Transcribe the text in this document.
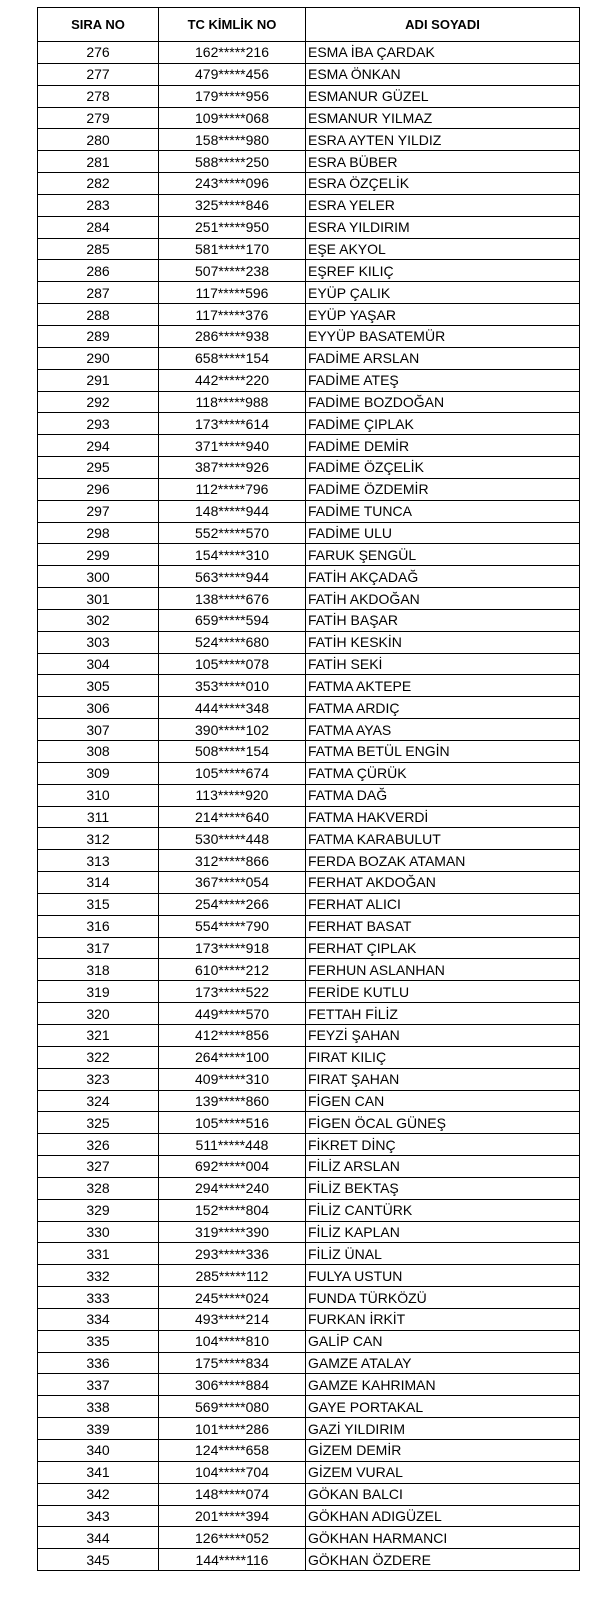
SIRA NO	TC KİMLİK NO	ADI SOYADI
276	162*****216	ESMA İBA ÇARDAK
277	479*****456	ESMA ÖNKAN
278	179*****956	ESMANUR GÜZEL
279	109*****068	ESMANUR YILMAZ
280	158*****980	ESRA AYTEN YILDIZ
281	588*****250	ESRA BÜBER
282	243*****096	ESRA ÖZÇELİK
283	325*****846	ESRA YELER
284	251*****950	ESRA YILDIRIM
285	581*****170	EŞE AKYOL
286	507*****238	EŞREF KILIÇ
287	117*****596	EYÜP ÇALIK
288	117*****376	EYÜP YAŞAR
289	286*****938	EYYÜP BASATEMÜR
290	658*****154	FADİME ARSLAN
291	442*****220	FADİME ATEŞ
292	118*****988	FADİME BOZDOĞAN
293	173*****614	FADİME ÇIPLAK
294	371*****940	FADİME DEMİR
295	387*****926	FADİME ÖZÇELİK
296	112*****796	FADİME ÖZDEMİR
297	148*****944	FADİME TUNCA
298	552*****570	FADİME ULU
299	154*****310	FARUK ŞENGÜL
300	563*****944	FATİH AKÇADAĞ
301	138*****676	FATİH AKDOĞAN
302	659*****594	FATİH BAŞAR
303	524*****680	FATİH KESKİN
304	105*****078	FATİH SEKİ
305	353*****010	FATMA AKTEPE
306	444*****348	FATMA ARDIÇ
307	390*****102	FATMA AYAS
308	508*****154	FATMA BETÜL ENGİN
309	105*****674	FATMA ÇÜRÜK
310	113*****920	FATMA DAĞ
311	214*****640	FATMA HAKVERDİ
312	530*****448	FATMA KARABULUT
313	312*****866	FERDA BOZAK ATAMAN
314	367*****054	FERHAT AKDOĞAN
315	254*****266	FERHAT ALICI
316	554*****790	FERHAT BASAT
317	173*****918	FERHAT ÇIPLAK
318	610*****212	FERHUN ASLANHAN
319	173*****522	FERİDE KUTLU
320	449*****570	FETTAH FİLİZ
321	412*****856	FEYZİ ŞAHAN
322	264*****100	FIRAT KILIÇ
323	409*****310	FIRAT ŞAHAN
324	139*****860	FİGEN CAN
325	105*****516	FİGEN ÖCAL GÜNEŞ
326	511*****448	FİKRET DİNÇ
327	692*****004	FİLİZ ARSLAN
328	294*****240	FİLİZ BEKTAŞ
329	152*****804	FİLİZ CANTÜRK
330	319*****390	FİLİZ KAPLAN
331	293*****336	FİLİZ ÜNAL
332	285*****112	FULYA USTUN
333	245*****024	FUNDA TÜRKÖZÜ
334	493*****214	FURKAN İRKİT
335	104*****810	GALİP CAN
336	175*****834	GAMZE ATALAY
337	306*****884	GAMZE KAHRIMAN
338	569*****080	GAYE PORTAKAL
339	101*****286	GAZİ YILDIRIM
340	124*****658	GİZEM DEMİR
341	104*****704	GİZEM VURAL
342	148*****074	GÖKAN BALCI
343	201*****394	GÖKHAN ADIGÜZEL
344	126*****052	GÖKHAN HARMANCI
345	144*****116	GÖKHAN ÖZDERE
